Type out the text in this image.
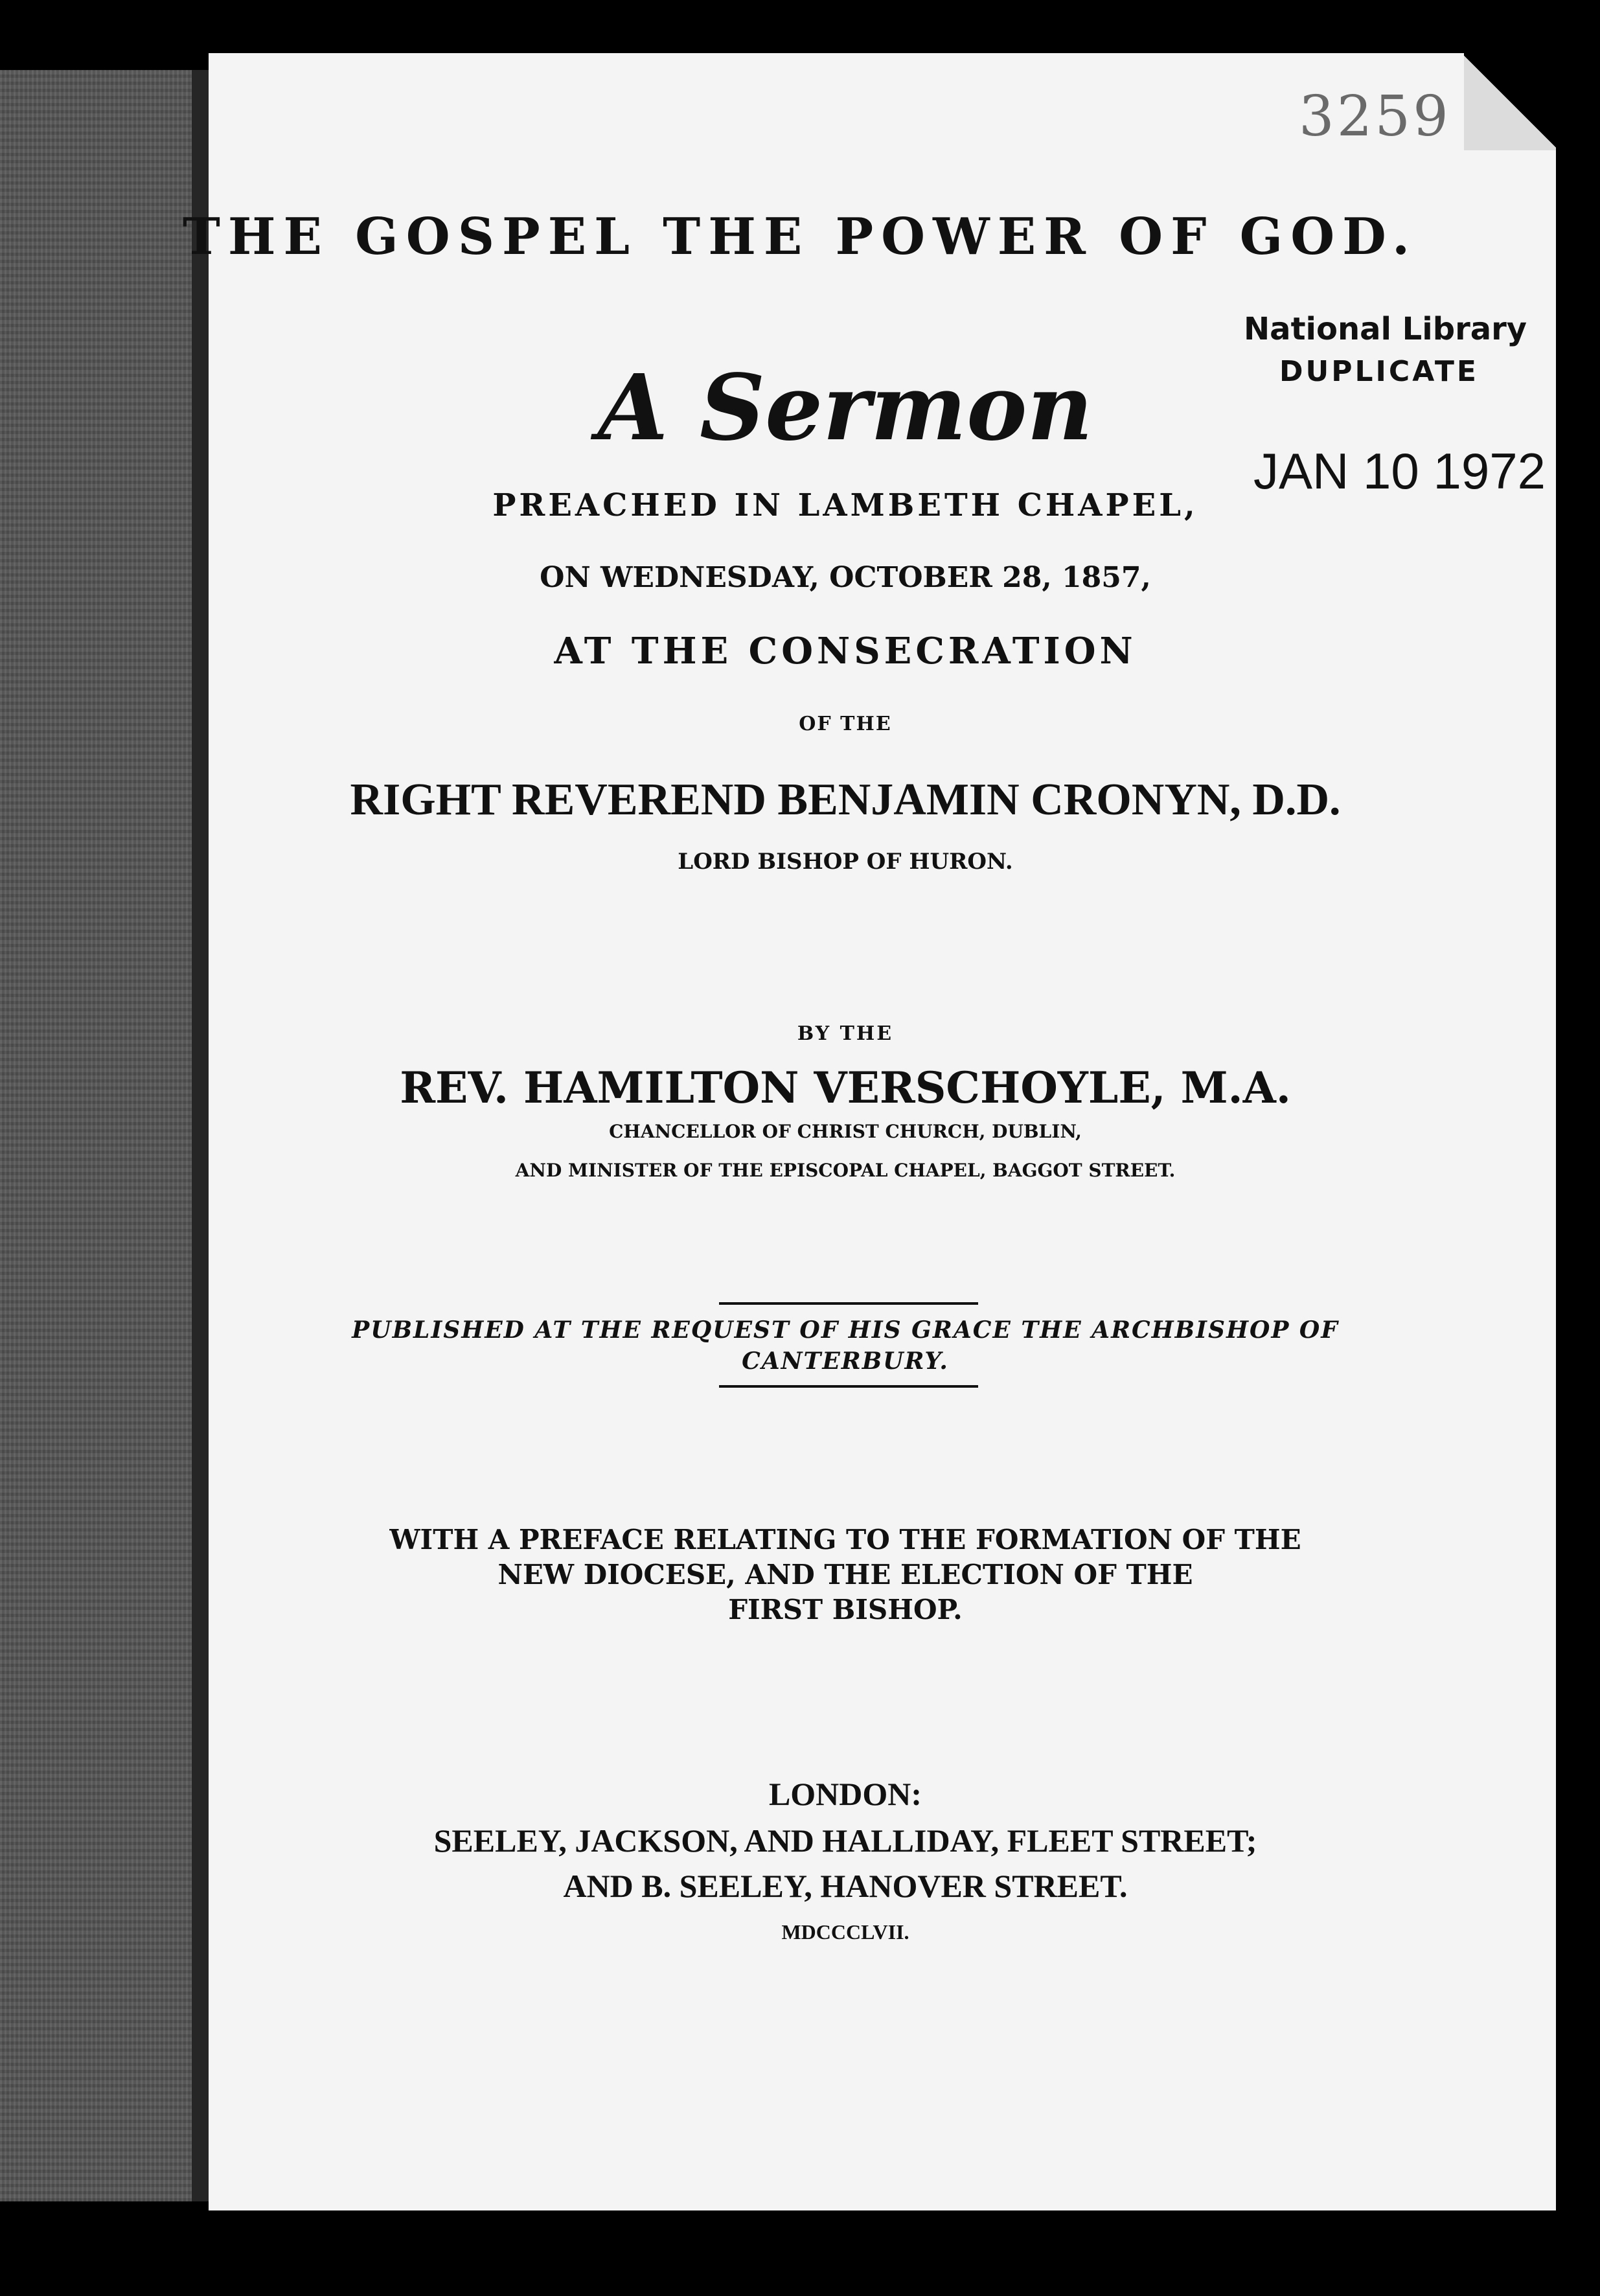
3259

National Library

DUPLICATE

JAN 10 1972

THE GOSPEL THE POWER OF GOD.

A Sermon

PREACHED IN LAMBETH CHAPEL,

ON WEDNESDAY, OCTOBER 28, 1857,

AT THE CONSECRATION

OF THE

RIGHT REVEREND BENJAMIN CRONYN, D.D.

LORD BISHOP OF HURON.

BY THE

REV. HAMILTON VERSCHOYLE, M.A.

CHANCELLOR OF CHRIST CHURCH, DUBLIN,

AND MINISTER OF THE EPISCOPAL CHAPEL, BAGGOT STREET.

PUBLISHED AT THE REQUEST OF HIS GRACE THE ARCHBISHOP OF

CANTERBURY.

WITH A PREFACE RELATING TO THE FORMATION OF THE

NEW DIOCESE, AND THE ELECTION OF THE

FIRST BISHOP.

LONDON:

SEELEY, JACKSON, AND HALLIDAY, FLEET STREET;

AND B. SEELEY, HANOVER STREET.

MDCCCLVII.
